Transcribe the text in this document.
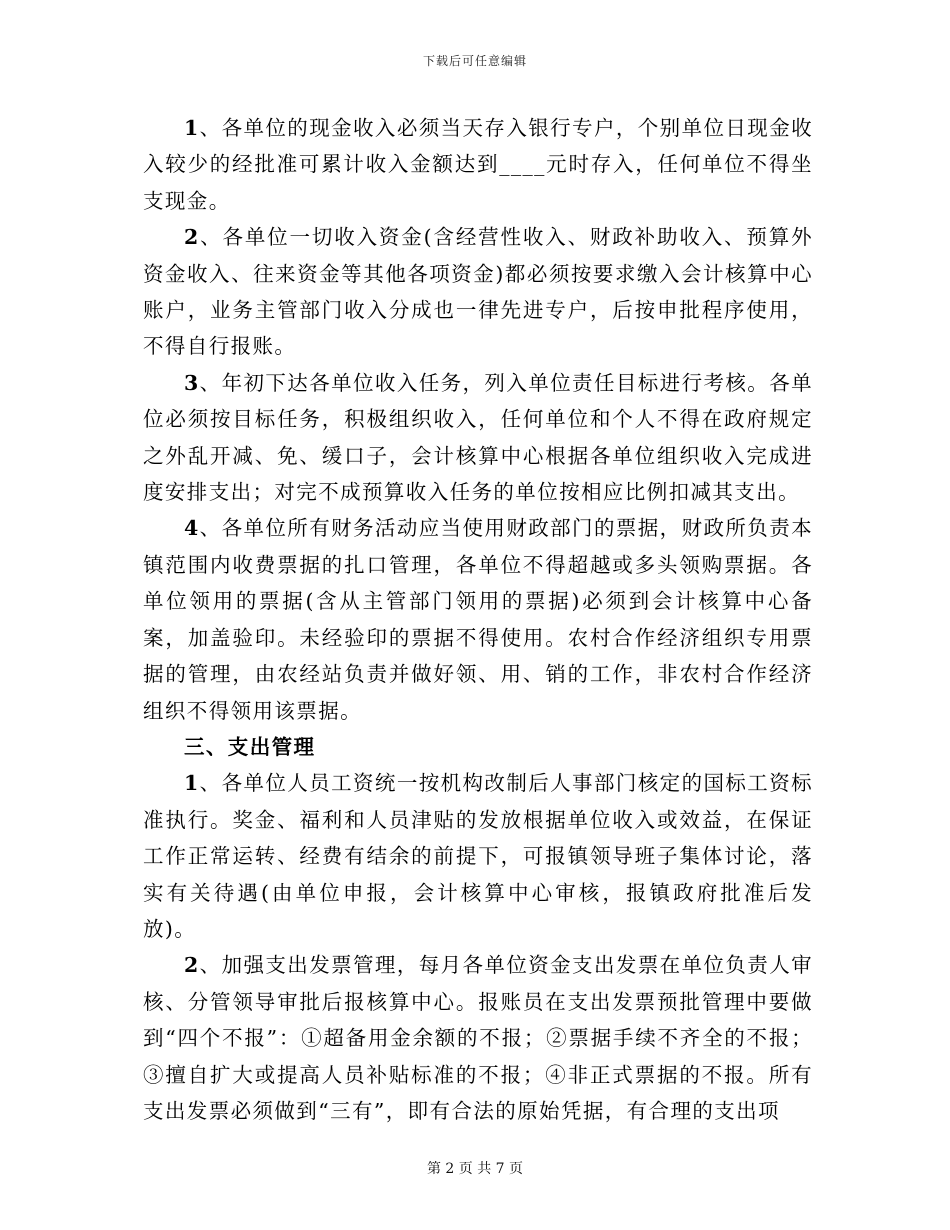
下载后可任意编辑

1、各单位的现金收入必须当天存入银行专户，个别单位日现金收入较少的经批准可累计收入金额达到____元时存入，任何单位不得坐支现金。

2、各单位一切收入资金(含经营性收入、财政补助收入、预算外资金收入、往来资金等其他各项资金)都必须按要求缴入会计核算中心账户，业务主管部门收入分成也一律先进专户，后按申批程序使用，不得自行报账。

3、年初下达各单位收入任务，列入单位责任目标进行考核。各单位必须按目标任务，积极组织收入，任何单位和个人不得在政府规定之外乱开减、免、缓口子，会计核算中心根据各单位组织收入完成进度安排支出；对完不成预算收入任务的单位按相应比例扣减其支出。

4、各单位所有财务活动应当使用财政部门的票据，财政所负责本镇范围内收费票据的扎口管理，各单位不得超越或多头领购票据。各单位领用的票据(含从主管部门领用的票据)必须到会计核算中心备案，加盖验印。未经验印的票据不得使用。农村合作经济组织专用票据的管理，由农经站负责并做好领、用、销的工作，非农村合作经济组织不得领用该票据。

三、支出管理

1、各单位人员工资统一按机构改制后人事部门核定的国标工资标准执行。奖金、福利和人员津贴的发放根据单位收入或效益，在保证工作正常运转、经费有结余的前提下，可报镇领导班子集体讨论，落实有关待遇(由单位申报，会计核算中心审核，报镇政府批准后发放)。

2、加强支出发票管理，每月各单位资金支出发票在单位负责人审核、分管领导审批后报核算中心。报账员在支出发票预批管理中要做到“四个不报”：①超备用金余额的不报；②票据手续不齐全的不报；③擅自扩大或提高人员补贴标准的不报；④非正式票据的不报。所有支出发票必须做到“三有”，即有合法的原始凭据，有合理的支出项

第 2 页 共 7 页
